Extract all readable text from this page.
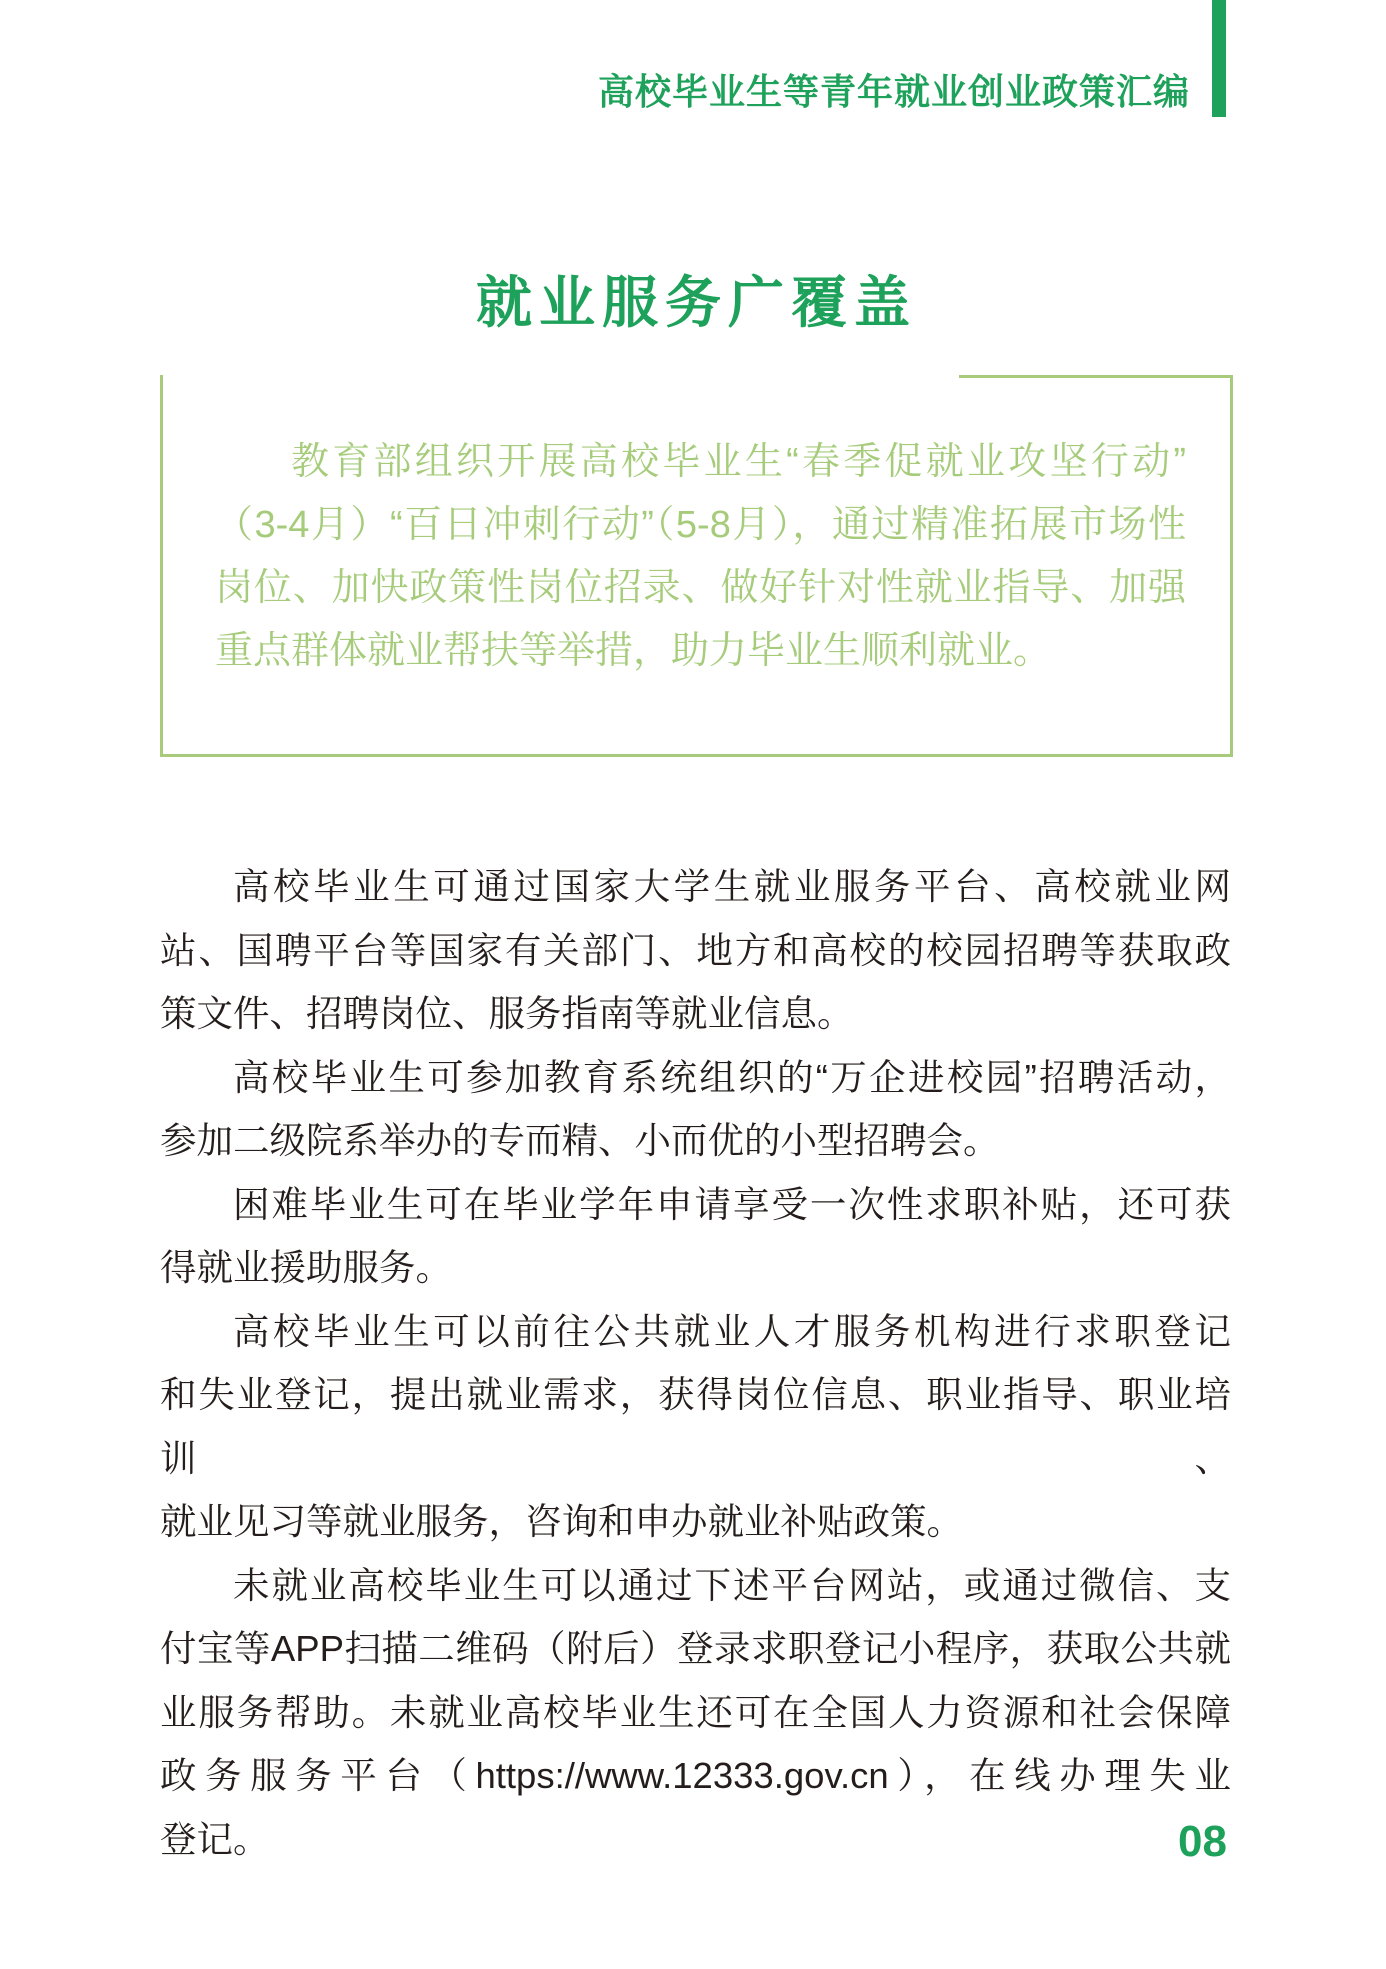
高校毕业生等青年就业创业政策汇编
就业服务广覆盖
教育部组织开展高校毕业生“春季促就业攻坚行动”
（3-4月）“百日冲刺行动”（5-8月），通过精准拓展市场性
岗位、加快政策性岗位招录、做好针对性就业指导、加强
重点群体就业帮扶等举措，助力毕业生顺利就业。
高校毕业生可通过国家大学生就业服务平台、高校就业网
站、国聘平台等国家有关部门、地方和高校的校园招聘等获取政
策文件、招聘岗位、服务指南等就业信息。
高校毕业生可参加教育系统组织的“万企进校园”招聘活动，
参加二级院系举办的专而精、小而优的小型招聘会。
困难毕业生可在毕业学年申请享受一次性求职补贴，还可获
得就业援助服务。
高校毕业生可以前往公共就业人才服务机构进行求职登记
和失业登记，提出就业需求，获得岗位信息、职业指导、职业培训、
就业见习等就业服务，咨询和申办就业补贴政策。
未就业高校毕业生可以通过下述平台网站，或通过微信、支
付宝等APP扫描二维码（附后）登录求职登记小程序，获取公共就
业服务帮助。未就业高校毕业生还可在全国人力资源和社会保障
政务服务平台（https://www.12333.gov.cn），在线办理失业
登记。	08
